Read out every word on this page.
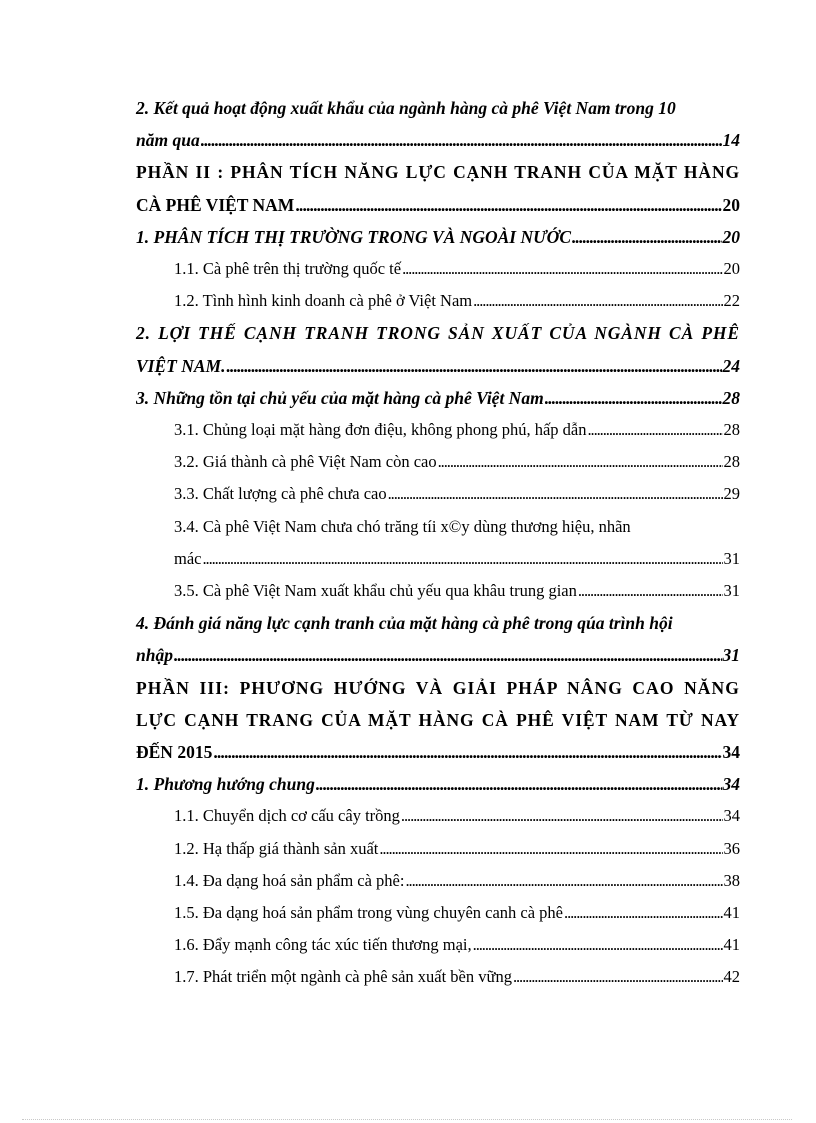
2. Kết quả hoạt động xuất khẩu của ngành hàng cà phê Việt Nam trong 10
năm qua . . .	14
PHẦN II : PHÂN TÍCH NĂNG LỰC CẠNH TRANH CỦA MẶT HÀNG
CÀ PHÊ VIỆT NAM . . .	20
1. PHÂN TÍCH THỊ TRƯỜNG TRONG VÀ NGOÀI NƯỚC . . .	20
1.1. Cà phê trên thị trường quốc tế . . .	20
1.2. Tình hình kinh doanh cà phê ở Việt Nam . . .	22
2. LỢI THẾ CẠNH TRANH TRONG SẢN XUẤT CỦA NGÀNH CÀ PHÊ
VIỆT NAM. . . .	24
3. Những tồn tại chủ yếu của mặt hàng cà phê Việt Nam . . .	28
3.1. Chủng loại mặt hàng đơn điệu, không phong phú, hấp dẫn . . .	28
3.2. Giá thành cà phê Việt Nam còn cao . . .	28
3.3. Chất lượng cà phê chưa cao . . .	29
3.4. Cà phê Việt Nam chưa chó trăng tíi x©y dùng thương hiệu, nhãn
mác . . .	31
3.5. Cà phê Việt Nam xuất khẩu chủ yếu qua khâu trung gian . . .	31
4. Đánh giá năng lực cạnh tranh của mặt hàng cà phê trong qúa trình hội
nhập . . .	31
PHẦN III: PHƯƠNG HƯỚNG VÀ GIẢI PHÁP NÂNG CAO NĂNG
LỰC CẠNH TRANG CỦA MẶT HÀNG CÀ PHÊ VIỆT NAM TỪ NAY
ĐẾN 2015 . . .	34
1. Phương hướng chung . . .	34
1.1. Chuyển dịch cơ cấu cây trồng . . .	34
1.2. Hạ thấp giá thành sản xuất . . .	36
1.4. Đa dạng hoá sản phẩm cà phê: . . .	38
1.5. Đa dạng hoá sản phẩm trong vùng chuyên canh cà phê . . .	41
1.6. Đẩy mạnh công tác xúc tiến thương mại, . . .	41
1.7. Phát triển một ngành cà phê sản xuất bền vững . . .	42
